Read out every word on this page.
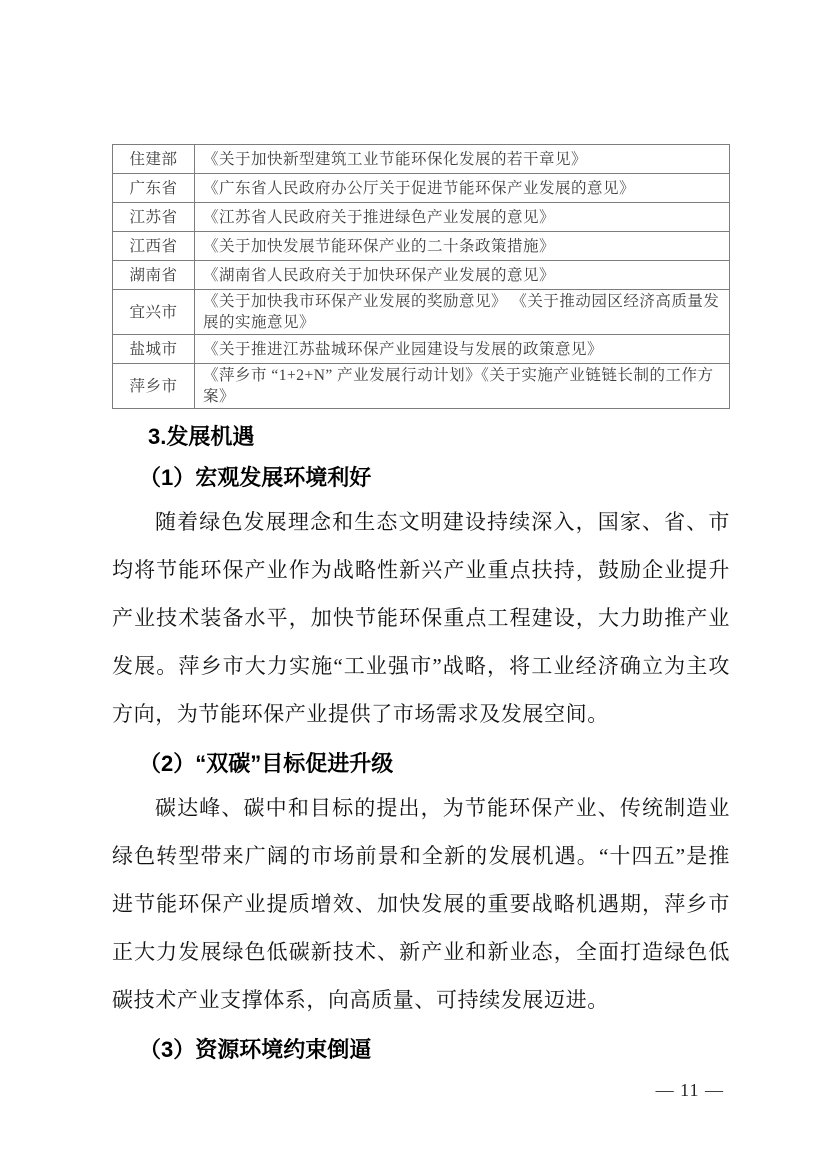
住建部	《关于加快新型建筑工业节能环保化发展的若干章见》
广东省	《广东省人民政府办公厅关于促进节能环保产业发展的意见》
江苏省	《江苏省人民政府关于推进绿色产业发展的意见》
江西省	《关于加快发展节能环保产业的二十条政策措施》
湖南省	《湖南省人民政府关于加快环保产业发展的意见》
宜兴市	《关于加快我市环保产业发展的奖励意见》 《关于推动园区经济高质量发展的实施意见》
盐城市	《关于推进江苏盐城环保产业园建设与发展的政策意见》
萍乡市	《萍乡市 “1+2+N” 产业发展行动计划》《关于实施产业链链长制的工作方案》
3.发展机遇
（1）宏观发展环境利好
随着绿色发展理念和生态文明建设持续深入，国家、省、市均将节能环保产业作为战略性新兴产业重点扶持，鼓励企业提升产业技术装备水平，加快节能环保重点工程建设，大力助推产业发展。萍乡市大力实施“工业强市”战略，将工业经济确立为主攻方向，为节能环保产业提供了市场需求及发展空间。
（2）“双碳”目标促进升级
碳达峰、碳中和目标的提出，为节能环保产业、传统制造业绿色转型带来广阔的市场前景和全新的发展机遇。“十四五”是推进节能环保产业提质增效、加快发展的重要战略机遇期，萍乡市正大力发展绿色低碳新技术、新产业和新业态，全面打造绿色低碳技术产业支撑体系，向高质量、可持续发展迈进。
（3）资源环境约束倒逼
— 11 —
